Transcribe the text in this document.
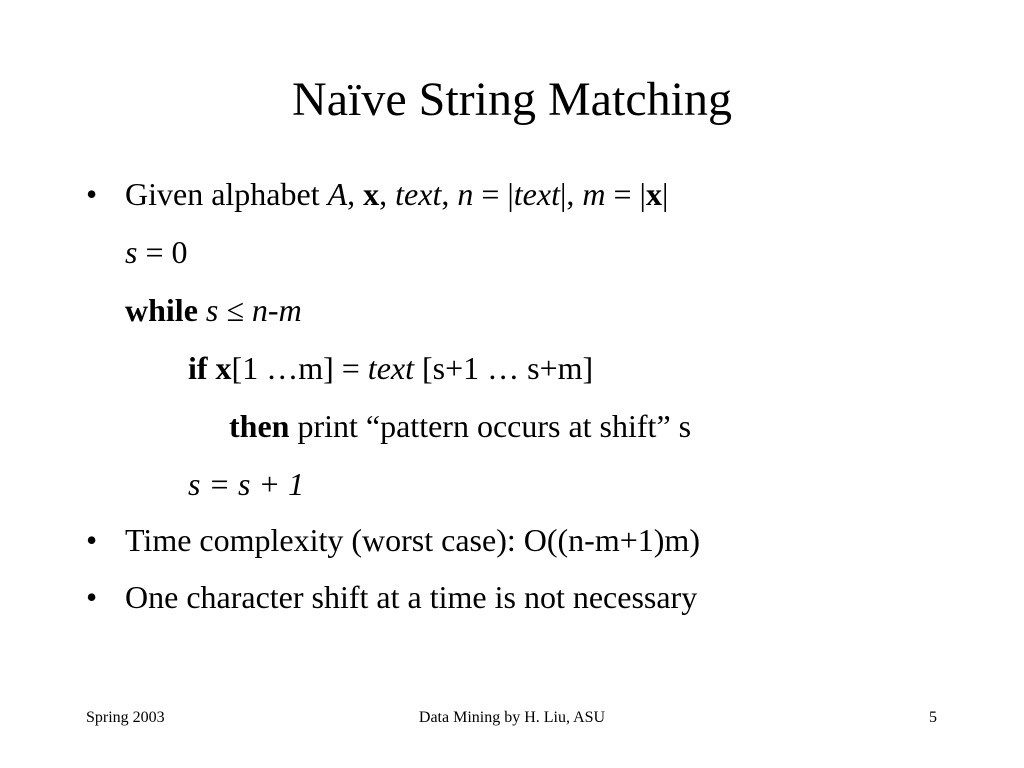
Naïve String Matching
• Given alphabet A, x, text, n = |text|, m = |x|
s = 0
while s ≤ n-m
if x[1 …m] = text [s+1 … s+m]
then print “pattern occurs at shift” s
s = s + 1
• Time complexity (worst case): O((n-m+1)m)
• One character shift at a time is not necessary
Spring 2003	Data Mining by H. Liu, ASU	5
